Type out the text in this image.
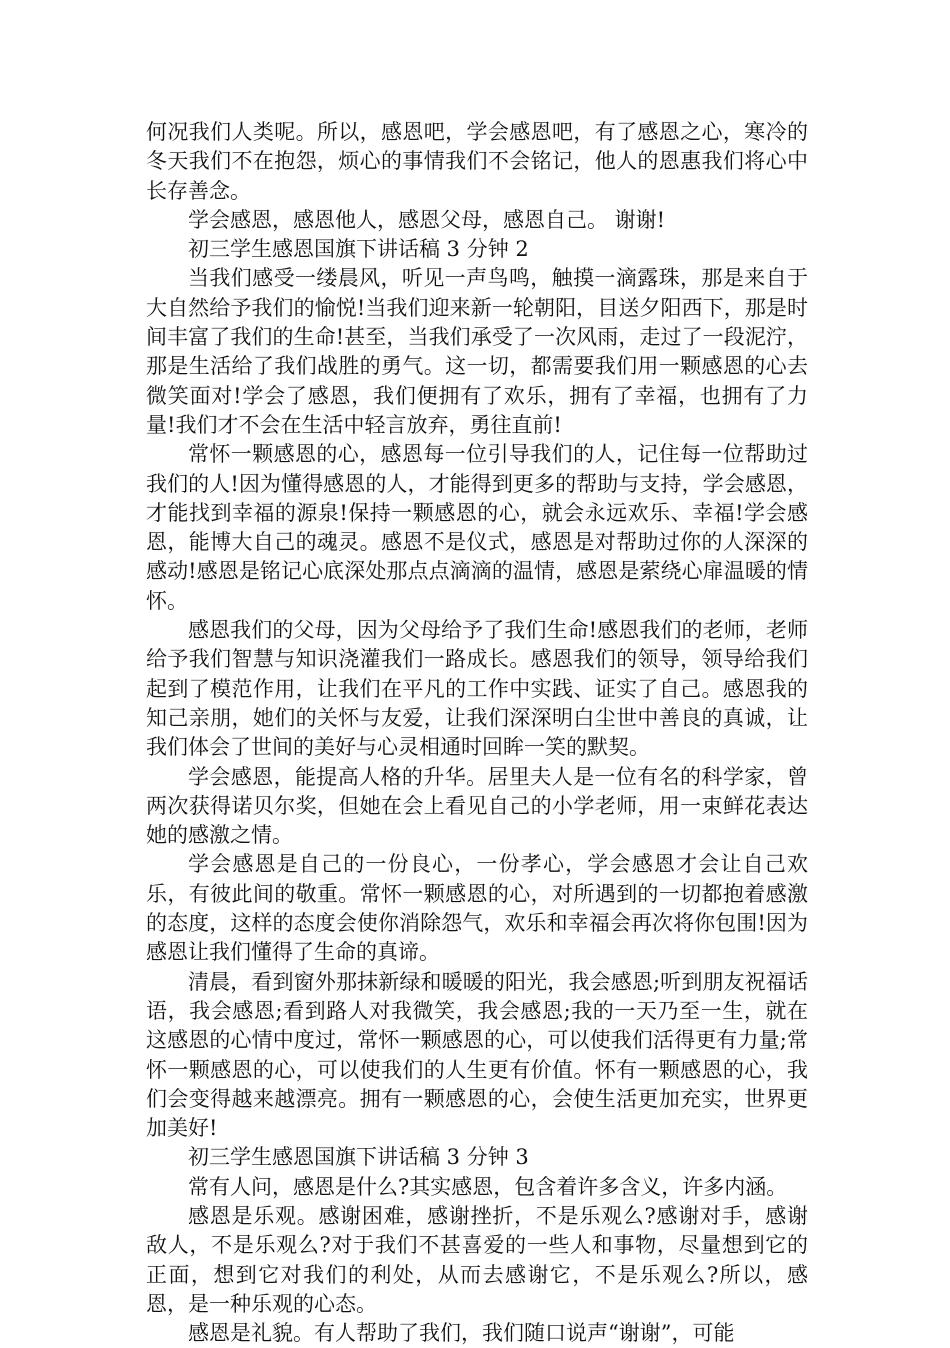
何况我们人类呢。所以，感恩吧，学会感恩吧，有了感恩之心，寒冷的冬天我们不在抱怨，烦心的事情我们不会铭记，他人的恩惠我们将心中长存善念。

学会感恩，感恩他人，感恩父母，感恩自己。 谢谢!

初三学生感恩国旗下讲话稿 3 分钟 2

当我们感受一缕晨风，听见一声鸟鸣，触摸一滴露珠，那是来自于大自然给予我们的愉悦!当我们迎来新一轮朝阳，目送夕阳西下，那是时间丰富了我们的生命!甚至，当我们承受了一次风雨，走过了一段泥泞，那是生活给了我们战胜的勇气。这一切，都需要我们用一颗感恩的心去微笑面对!学会了感恩，我们便拥有了欢乐，拥有了幸福，也拥有了力量!我们才不会在生活中轻言放弃，勇往直前!

常怀一颗感恩的心，感恩每一位引导我们的人，记住每一位帮助过我们的人!因为懂得感恩的人，才能得到更多的帮助与支持，学会感恩，才能找到幸福的源泉!保持一颗感恩的心，就会永远欢乐、幸福!学会感恩，能博大自己的魂灵。感恩不是仪式，感恩是对帮助过你的人深深的感动!感恩是铭记心底深处那点点滴滴的温情，感恩是萦绕心扉温暖的情怀。

感恩我们的父母，因为父母给予了我们生命!感恩我们的老师，老师给予我们智慧与知识浇灌我们一路成长。感恩我们的领导，领导给我们起到了模范作用，让我们在平凡的工作中实践、证实了自己。感恩我的知己亲朋，她们的关怀与友爱，让我们深深明白尘世中善良的真诚，让我们体会了世间的美好与心灵相通时回眸一笑的默契。

学会感恩，能提高人格的升华。居里夫人是一位有名的科学家，曾两次获得诺贝尔奖，但她在会上看见自己的小学老师，用一束鲜花表达她的感激之情。

学会感恩是自己的一份良心，一份孝心，学会感恩才会让自己欢乐，有彼此间的敬重。常怀一颗感恩的心，对所遇到的一切都抱着感激的态度，这样的态度会使你消除怨气，欢乐和幸福会再次将你包围!因为感恩让我们懂得了生命的真谛。

清晨，看到窗外那抹新绿和暖暖的阳光，我会感恩;听到朋友祝福话语，我会感恩;看到路人对我微笑，我会感恩;我的一天乃至一生，就在这感恩的心情中度过，常怀一颗感恩的心，可以使我们活得更有力量;常怀一颗感恩的心，可以使我们的人生更有价值。怀有一颗感恩的心，我们会变得越来越漂亮。拥有一颗感恩的心，会使生活更加充实，世界更加美好!

初三学生感恩国旗下讲话稿 3 分钟 3

常有人问，感恩是什么?其实感恩，包含着许多含义，许多内涵。

感恩是乐观。感谢困难，感谢挫折，不是乐观么?感谢对手，感谢敌人，不是乐观么?对于我们不甚喜爱的一些人和事物，尽量想到它的正面，想到它对我们的利处，从而去感谢它，不是乐观么?所以，感恩，是一种乐观的心态。

感恩是礼貌。有人帮助了我们，我们随口说声“谢谢”，可能
